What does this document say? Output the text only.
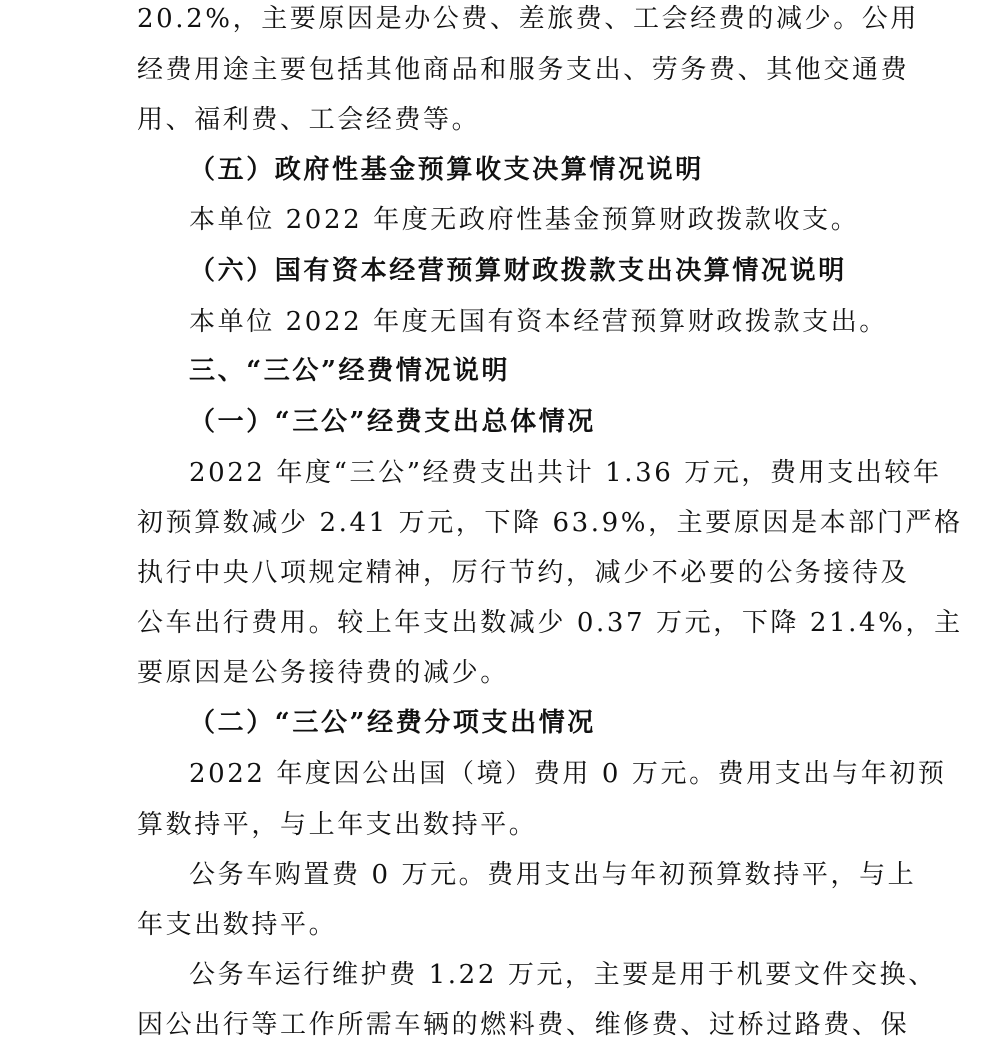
20.2%，主要原因是办公费、差旅费、工会经费的减少。公用
经费用途主要包括其他商品和服务支出、劳务费、其他交通费
用、福利费、工会经费等。
（五）政府性基金预算收支决算情况说明
本单位 2022 年度无政府性基金预算财政拨款收支。
（六）国有资本经营预算财政拨款支出决算情况说明
本单位 2022 年度无国有资本经营预算财政拨款支出。
三、“三公”经费情况说明
（一）“三公”经费支出总体情况
2022 年度“三公”经费支出共计 1.36 万元，费用支出较年
初预算数减少 2.41 万元，下降 63.9%，主要原因是本部门严格
执行中央八项规定精神，厉行节约，减少不必要的公务接待及
公车出行费用。较上年支出数减少 0.37 万元，下降 21.4%，主
要原因是公务接待费的减少。
（二）“三公”经费分项支出情况
2022 年度因公出国（境）费用 0 万元。费用支出与年初预
算数持平，与上年支出数持平。
公务车购置费 0 万元。费用支出与年初预算数持平，与上
年支出数持平。
公务车运行维护费 1.22 万元，主要是用于机要文件交换、
因公出行等工作所需车辆的燃料费、维修费、过桥过路费、保
